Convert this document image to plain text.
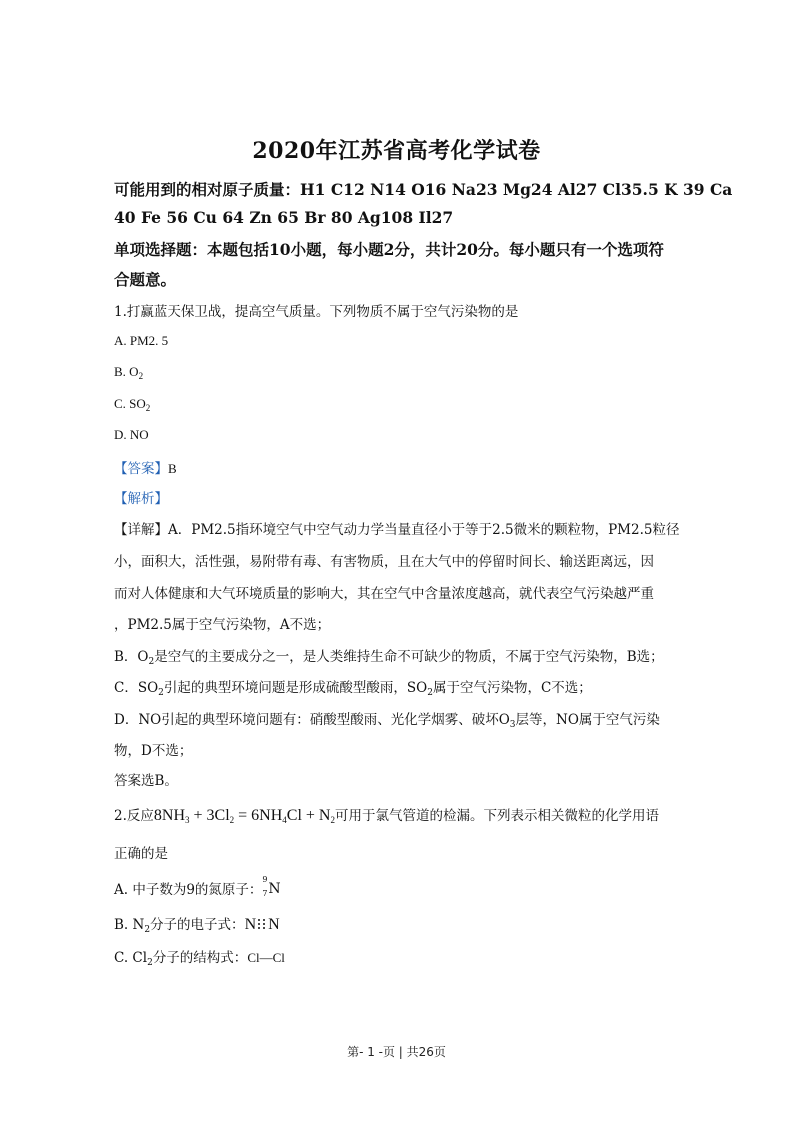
2020年江苏省高考化学试卷
可能用到的相对原子质量：H1 C12 N14 O16 Na23 Mg24 Al27 Cl35.5 K 39 Ca
40 Fe 56 Cu 64 Zn 65 Br 80 Ag108 Il27
单项选择题：本题包括10小题，每小题2分，共计20分。每小题只有一个选项符
合题意。
1.打赢蓝天保卫战，提高空气质量。下列物质不属于空气污染物的是
A. PM2. 5
B. $O_2$
C. $SO_2$
D. NO
【答案】B
【解析】
【详解】A．PM2.5指环境空气中空气动力学当量直径小于等于2.5微米的颗粒物，PM2.5粒径
小，面积大，活性强，易附带有毒、有害物质，且在大气中的停留时间长、输送距离远，因
而对人体健康和大气环境质量的影响大，其在空气中含量浓度越高，就代表空气污染越严重
，PM2.5属于空气污染物，A不选；
B．$O_2$是空气的主要成分之一，是人类维持生命不可缺少的物质，不属于空气污染物，B选；
C．$SO_2$引起的典型环境问题是形成硫酸型酸雨，$SO_2$属于空气污染物，C不选；
D．NO引起的典型环境问题有：硝酸型酸雨、光化学烟雾、破坏$O_3$层等，NO属于空气污染
物，D不选；
答案选B。
2.反应$8NH_3 + 3Cl_2 = 6NH_4Cl + N_2$可用于氯气管道的检漏。下列表示相关微粒的化学用语
正确的是
A. 中子数为9的氮原子：
9
7 N
B. $N_2$分子的电子式：N N
C. $Cl_2$分子的结构式：Cl—Cl
第- 1 -页 | 共26页
